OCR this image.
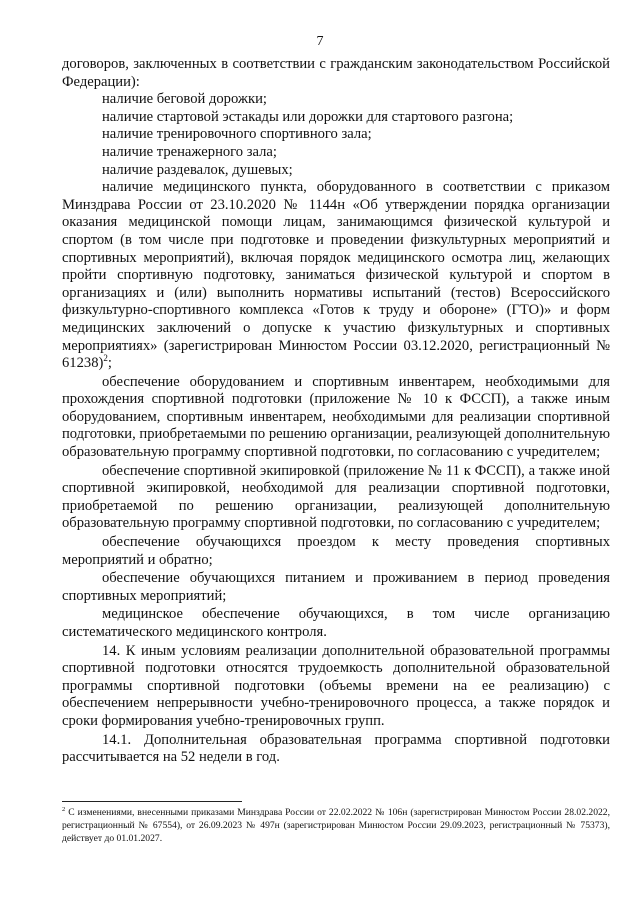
7

договоров, заключенных в соответствии с гражданским законодательством Российской Федерации):

наличие беговой дорожки;

наличие стартовой эстакады или дорожки для стартового разгона;

наличие тренировочного спортивного зала;

наличие тренажерного зала;

наличие раздевалок, душевых;

наличие медицинского пункта, оборудованного в соответствии с приказом Минздрава России от 23.10.2020 № 1144н «Об утверждении порядка организации оказания медицинской помощи лицам, занимающимся физической культурой и спортом (в том числе при подготовке и проведении физкультурных мероприятий и спортивных мероприятий), включая порядок медицинского осмотра лиц, желающих пройти спортивную подготовку, заниматься физической культурой и спортом в организациях и (или) выполнить нормативы испытаний (тестов) Всероссийского физкультурно-спортивного комплекса «Готов к труду и обороне» (ГТО)» и форм медицинских заключений о допуске к участию физкультурных и спортивных мероприятиях» (зарегистрирован Минюстом России 03.12.2020, регистрационный № 61238)$^2$;

обеспечение оборудованием и спортивным инвентарем, необходимыми для прохождения спортивной подготовки (приложение № 10 к ФССП), а также иным оборудованием, спортивным инвентарем, необходимыми для реализации спортивной подготовки, приобретаемыми по решению организации, реализующей дополнительную образовательную программу спортивной подготовки, по согласованию с учредителем;

обеспечение спортивной экипировкой (приложение № 11 к ФССП), а также иной спортивной экипировкой, необходимой для реализации спортивной подготовки, приобретаемой по решению организации, реализующей дополнительную образовательную программу спортивной подготовки, по согласованию с учредителем;

обеспечение обучающихся проездом к месту проведения спортивных мероприятий и обратно;

обеспечение обучающихся питанием и проживанием в период проведения спортивных мероприятий;

медицинское обеспечение обучающихся, в том числе организацию систематического медицинского контроля.

14. К иным условиям реализации дополнительной образовательной программы спортивной подготовки относятся трудоемкость дополнительной образовательной программы спортивной подготовки (объемы времени на ее реализацию) с обеспечением непрерывности учебно-тренировочного процесса, а также порядок и сроки формирования учебно-тренировочных групп.

14.1. Дополнительная образовательная программа спортивной подготовки рассчитывается на 52 недели в год.

$^2$ С изменениями, внесенными приказами Минздрава России от 22.02.2022 № 106н (зарегистрирован Минюстом России 28.02.2022, регистрационный № 67554), от 26.09.2023 № 497н (зарегистрирован Минюстом России 29.09.2023, регистрационный № 75373), действует до 01.01.2027.
